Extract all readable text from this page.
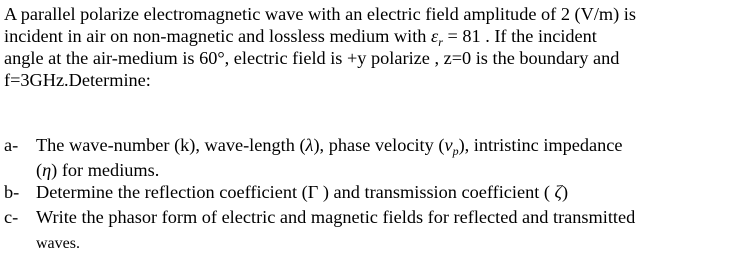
A parallel polarize electromagnetic wave with an electric field amplitude of 2 (V/m) is
incident in air on non-magnetic and lossless medium with $\varepsilon_r = 81$ . If the incident
angle at the air-medium is 60°, electric field is +y polarize , z=0 is the boundary and
f=3GHz.Determine:
a- The wave-number (k), wave-length (λ), phase velocity $(v_p)$, intristinc impedance
(η) for mediums.
b- Determine the reflection coefficient (Γ ) and transmission coefficient ( ζ)
c- Write the phasor form of electric and magnetic fields for reflected and transmitted
waves.
